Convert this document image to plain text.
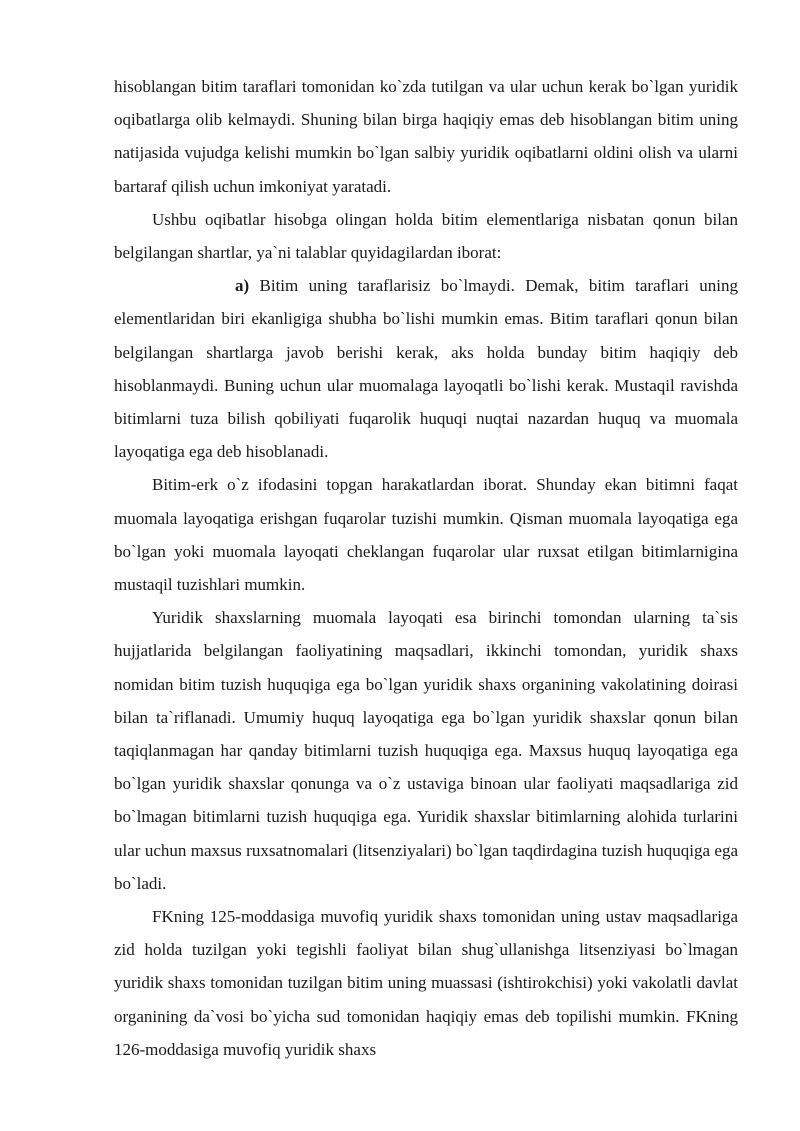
hisoblangan bitim taraflari tomonidan ko`zda tutilgan va ular uchun kerak bo`lgan yuridik oqibatlarga olib kelmaydi. Shuning bilan birga haqiqiy emas deb hisoblangan bitim uning natijasida vujudga kelishi mumkin bo`lgan salbiy yuridik oqibatlarni oldini olish va ularni bartaraf qilish uchun imkoniyat yaratadi.

Ushbu oqibatlar hisobga olingan holda bitim elementlariga nisbatan qonun bilan belgilangan shartlar, ya`ni talablar quyidagilardan iborat:

a) Bitim uning taraflarisiz bo`lmaydi. Demak, bitim taraflari uning elementlaridan biri ekanligiga shubha bo`lishi mumkin emas. Bitim taraflari qonun bilan belgilangan shartlarga javob berishi kerak, aks holda bunday bitim haqiqiy deb hisoblanmaydi. Buning uchun ular muomalaga layoqatli bo`lishi kerak. Mustaqil ravishda bitimlarni tuza bilish qobiliyati fuqarolik huquqi nuqtai nazardan huquq va muomala layoqatiga ega deb hisoblanadi.

Bitim-erk o`z ifodasini topgan harakatlardan iborat. Shunday ekan bitimni faqat muomala layoqatiga erishgan fuqarolar tuzishi mumkin. Qisman muomala layoqatiga ega bo`lgan yoki muomala layoqati cheklangan fuqarolar ular ruxsat etilgan bitimlarnigina mustaqil tuzishlari mumkin.

Yuridik shaxslarning muomala layoqati esa birinchi tomondan ularning ta`sis hujjatlarida belgilangan faoliyatining maqsadlari, ikkinchi tomondan, yuridik shaxs nomidan bitim tuzish huquqiga ega bo`lgan yuridik shaxs organining vakolatining doirasi bilan ta`riflanadi. Umumiy huquq layoqatiga ega bo`lgan yuridik shaxslar qonun bilan taqiqlanmagan har qanday bitimlarni tuzish huquqiga ega. Maxsus huquq layoqatiga ega bo`lgan yuridik shaxslar qonunga va o`z ustaviga binoan ular faoliyati maqsadlariga zid bo`lmagan bitimlarni tuzish huquqiga ega. Yuridik shaxslar bitimlarning alohida turlarini ular uchun maxsus ruxsatnomalari (litsenziyalari) bo`lgan taqdirdagina tuzish huquqiga ega bo`ladi.

FKning 125-moddasiga muvofiq yuridik shaxs tomonidan uning ustav maqsadlariga zid holda tuzilgan yoki tegishli faoliyat bilan shug`ullanishga litsenziyasi bo`lmagan yuridik shaxs tomonidan tuzilgan bitim uning muassasi (ishtirokchisi) yoki vakolatli davlat organining da`vosi bo`yicha sud tomonidan haqiqiy emas deb topilishi mumkin. FKning 126-moddasiga muvofiq yuridik shaxs
